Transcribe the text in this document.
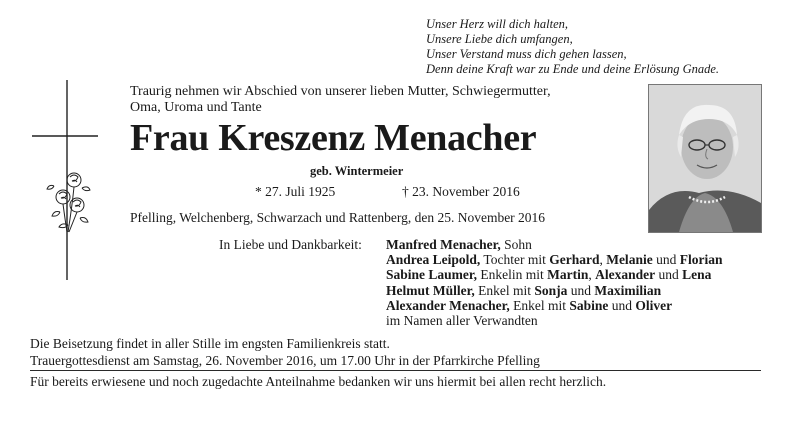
Unser Herz will dich halten,
Unsere Liebe dich umfangen,
Unser Verstand muss dich gehen lassen,
Denn deine Kraft war zu Ende und deine Erlösung Gnade.
Traurig nehmen wir Abschied von unserer lieben Mutter, Schwiegermutter,
Oma, Uroma und Tante
Frau Kreszenz Menacher
geb. Wintermeier
* 27. Juli 1925	† 23. November 2016
Pfelling, Welchenberg, Schwarzach und Rattenberg, den 25. November 2016
In Liebe und Dankbarkeit: Manfred Menacher, Sohn
Andrea Leipold, Tochter mit Gerhard, Melanie und Florian
Sabine Laumer, Enkelin mit Martin, Alexander und Lena
Helmut Müller, Enkel mit Sonja und Maximilian
Alexander Menacher, Enkel mit Sabine und Oliver
im Namen aller Verwandten
Die Beisetzung findet in aller Stille im engsten Familienkreis statt.
Trauergottesdienst am Samstag, 26. November 2016, um 17.00 Uhr in der Pfarrkirche Pfelling
Für bereits erwiesene und noch zugedachte Anteilnahme bedanken wir uns hiermit bei allen recht herzlich.
